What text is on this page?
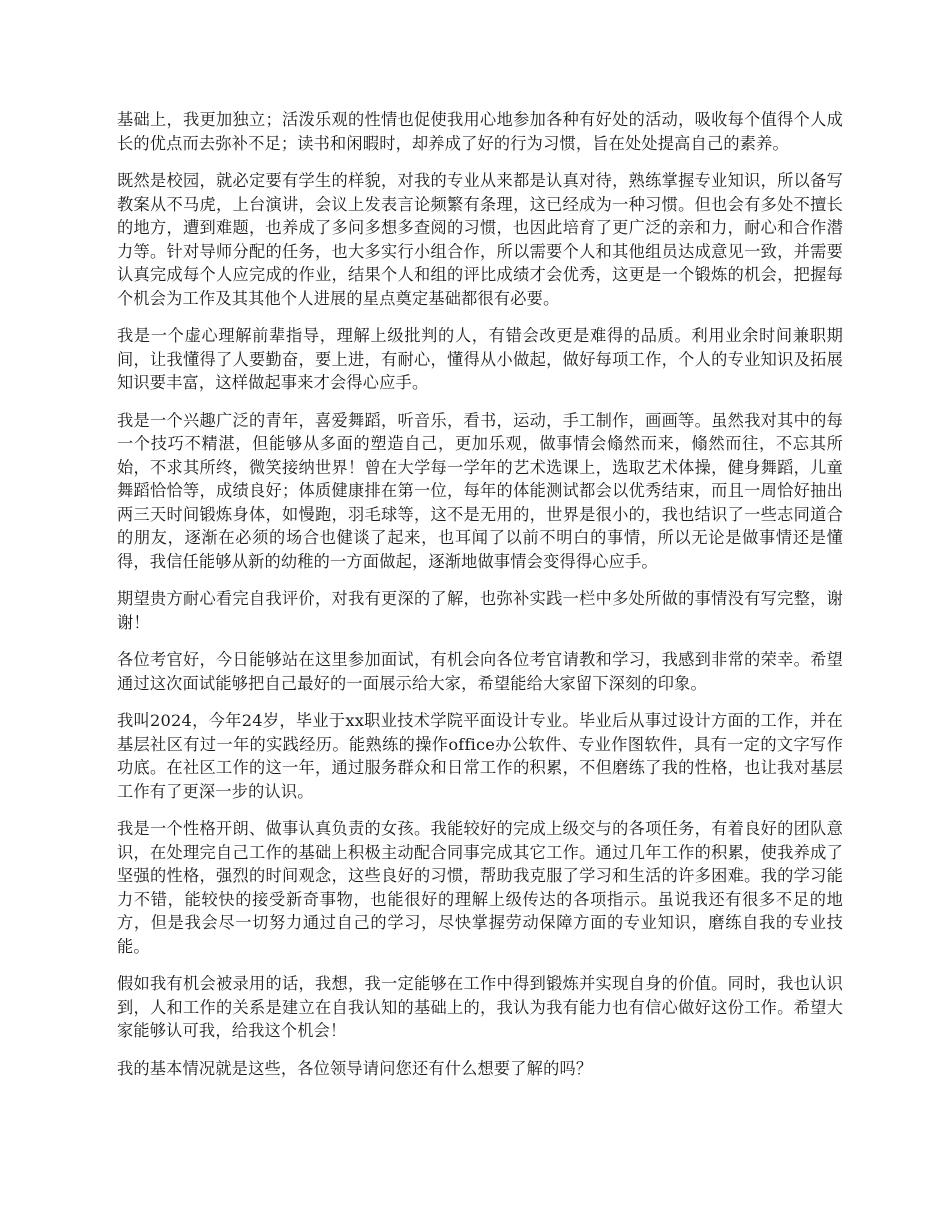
基础上，我更加独立；活泼乐观的性情也促使我用心地参加各种有好处的活动，吸收每个值得个人成长的优点而去弥补不足；读书和闲暇时，却养成了好的行为习惯，旨在处处提高自己的素养。

既然是校园，就必定要有学生的样貌，对我的专业从来都是认真对待，熟练掌握专业知识，所以备写教案从不马虎，上台演讲，会议上发表言论频繁有条理，这已经成为一种习惯。但也会有多处不擅长的地方，遭到难题，也养成了多问多想多查阅的习惯，也因此培育了更广泛的亲和力，耐心和合作潜力等。针对导师分配的任务，也大多实行小组合作，所以需要个人和其他组员达成意见一致，并需要认真完成每个人应完成的作业，结果个人和组的评比成绩才会优秀，这更是一个锻炼的机会，把握每个机会为工作及其其他个人进展的星点奠定基础都很有必要。

我是一个虚心理解前辈指导，理解上级批判的人，有错会改更是难得的品质。利用业余时间兼职期间，让我懂得了人要勤奋，要上进，有耐心，懂得从小做起，做好每项工作，个人的专业知识及拓展知识要丰富，这样做起事来才会得心应手。

我是一个兴趣广泛的青年，喜爱舞蹈，听音乐，看书，运动，手工制作，画画等。虽然我对其中的每一个技巧不精湛，但能够从多面的塑造自己，更加乐观，做事情会翛然而来，翛然而往，不忘其所始，不求其所终，微笑接纳世界！曾在大学每一学年的艺术选课上，选取艺术体操，健身舞蹈，儿童舞蹈恰恰等，成绩良好；体质健康排在第一位，每年的体能测试都会以优秀结束，而且一周恰好抽出两三天时间锻炼身体，如慢跑，羽毛球等，这不是无用的，世界是很小的，我也结识了一些志同道合的朋友，逐渐在必须的场合也健谈了起来，也耳闻了以前不明白的事情，所以无论是做事情还是懂得，我信任能够从新的幼稚的一方面做起，逐渐地做事情会变得得心应手。

期望贵方耐心看完自我评价，对我有更深的了解，也弥补实践一栏中多处所做的事情没有写完整，谢谢！

各位考官好，今日能够站在这里参加面试，有机会向各位考官请教和学习，我感到非常的荣幸。希望通过这次面试能够把自己最好的一面展示给大家，希望能给大家留下深刻的印象。

我叫2024，今年24岁，毕业于xx职业技术学院平面设计专业。毕业后从事过设计方面的工作，并在基层社区有过一年的实践经历。能熟练的操作office办公软件、专业作图软件，具有一定的文字写作功底。在社区工作的这一年，通过服务群众和日常工作的积累，不但磨练了我的性格，也让我对基层工作有了更深一步的认识。

我是一个性格开朗、做事认真负责的女孩。我能较好的完成上级交与的各项任务，有着良好的团队意识，在处理完自己工作的基础上积极主动配合同事完成其它工作。通过几年工作的积累，使我养成了坚强的性格，强烈的时间观念，这些良好的习惯，帮助我克服了学习和生活的许多困难。我的学习能力不错，能较快的接受新奇事物，也能很好的理解上级传达的各项指示。虽说我还有很多不足的地方，但是我会尽一切努力通过自己的学习，尽快掌握劳动保障方面的专业知识，磨练自我的专业技能。

假如我有机会被录用的话，我想，我一定能够在工作中得到锻炼并实现自身的价值。同时，我也认识到，人和工作的关系是建立在自我认知的基础上的，我认为我有能力也有信心做好这份工作。希望大家能够认可我，给我这个机会！

我的基本情况就是这些，各位领导请问您还有什么想要了解的吗？
